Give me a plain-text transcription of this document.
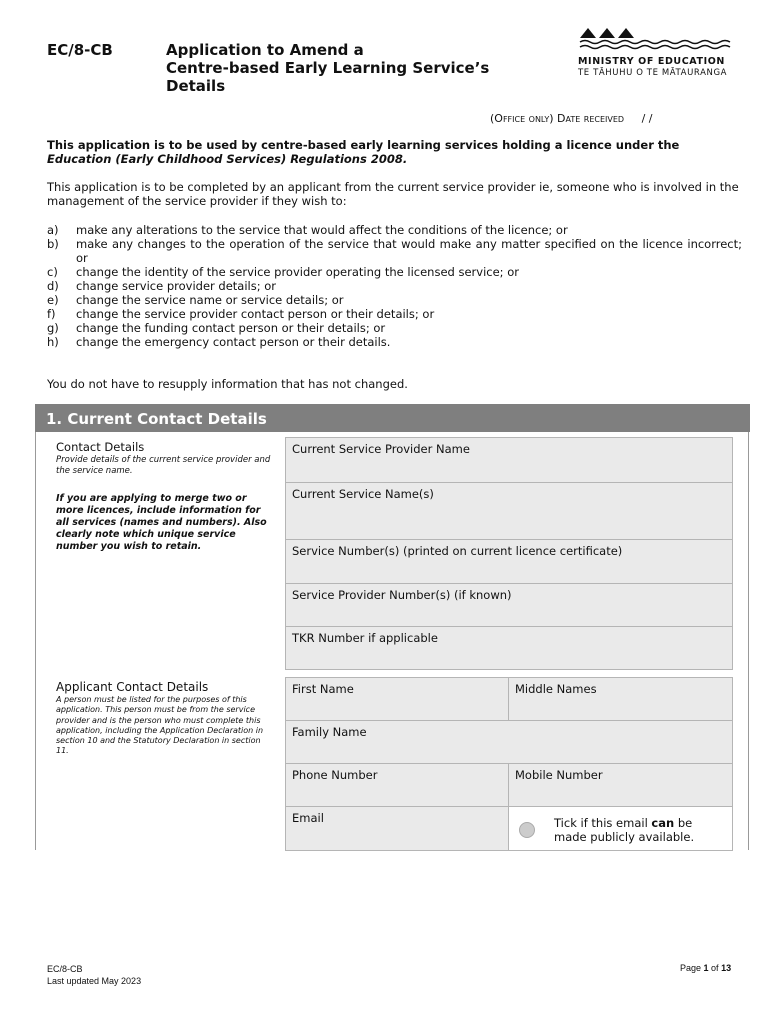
EC/8-CB	Application to Amend a
Centre-based Early Learning Service’s
Details
MINISTRY OF EDUCATION
TE TĀHUHU O TE MĀTAURANGA
(Office only) Date received / /
This application is to be used by centre-based early learning services holding a licence under the Education (Early Childhood Services) Regulations 2008.
This application is to be completed by an applicant from the current service provider ie, someone who is involved in the management of the service provider if they wish to:
a)	make any alterations to the service that would affect the conditions of the licence; or
b)	make any changes to the operation of the service that would make any matter specified on the licence incorrect; or
c)	change the identity of the service provider operating the licensed service; or
d)	change service provider details; or
e)	change the service name or service details; or
f)	change the service provider contact person or their details; or
g)	change the funding contact person or their details; or
h)	change the emergency contact person or their details.
You do not have to resupply information that has not changed.
1. Current Contact Details
Contact Details
Provide details of the current service provider and the service name.
If you are applying to merge two or more licences, include information for all services (names and numbers). Also clearly note which unique service number you wish to retain.
Current Service Provider Name
Current Service Name(s)
Service Number(s) (printed on current licence certificate)
Service Provider Number(s) (if known)
TKR Number if applicable
Applicant Contact Details
A person must be listed for the purposes of this application. This person must be from the service provider and is the person who must complete this application, including the Application Declaration in section 10 and the Statutory Declaration in section 11.
First Name	Middle Names
Family Name
Phone Number	Mobile Number
Email	Tick if this email can be made publicly available.
EC/8-CB
Last updated May 2023
Page 1 of 13
